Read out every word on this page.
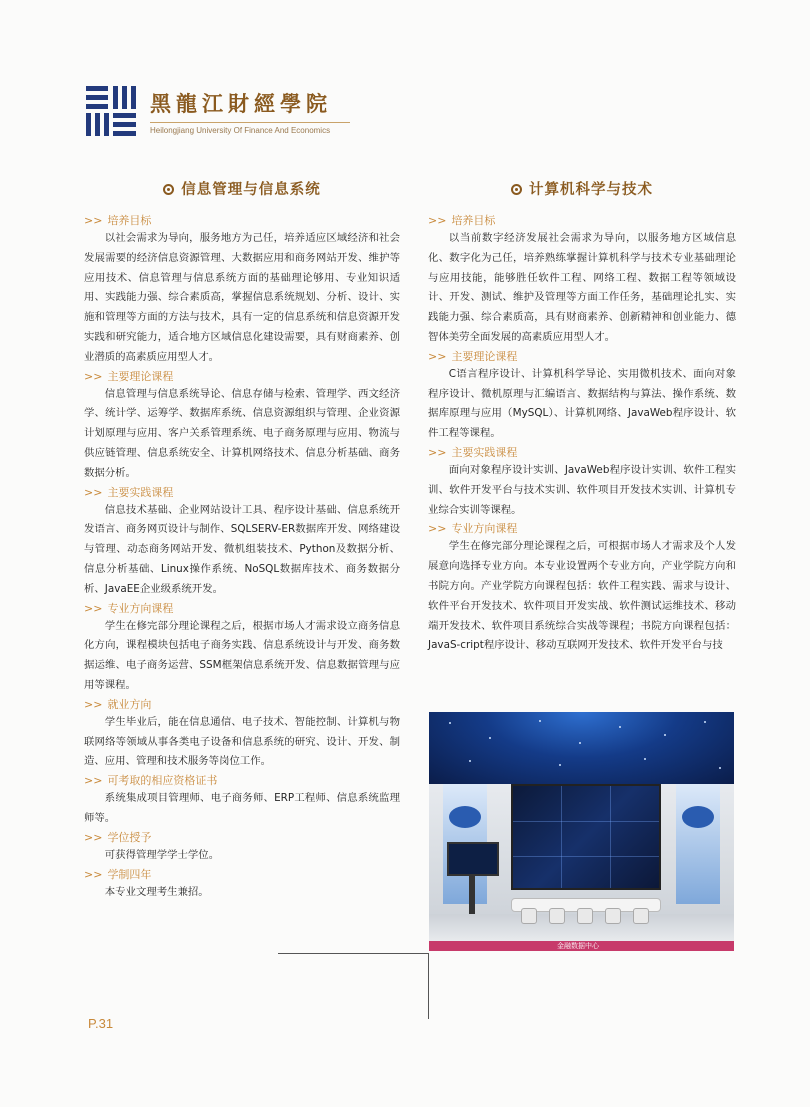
黑龍江財經學院
Heilongjiang University Of Finance And Economics
信息管理与信息系统
>> 培养目标

以社会需求为导向，服务地方为己任，培养适应区域经济和社会发展需要的经济信息资源管理、大数据应用和商务网站开发、维护等应用技术、信息管理与信息系统方面的基础理论够用、专业知识适用、实践能力强、综合素质高，掌握信息系统规划、分析、设计、实施和管理等方面的方法与技术，具有一定的信息系统和信息资源开发实践和研究能力，适合地方区域信息化建设需要，具有财商素养、创业潜质的高素质应用型人才。

>> 主要理论课程

信息管理与信息系统导论、信息存储与检索、管理学、西文经济学、统计学、运筹学、数据库系统、信息资源组织与管理、企业资源计划原理与应用、客户关系管理系统、电子商务原理与应用、物流与供应链管理、信息系统安全、计算机网络技术、信息分析基础、商务数据分析。

>> 主要实践课程

信息技术基础、企业网站设计工具、程序设计基础、信息系统开发语言、商务网页设计与制作、SQLSERV-ER数据库开发、网络建设与管理、动态商务网站开发、微机组装技术、Python及数据分析、信息分析基础、Linux操作系统、NoSQL数据库技术、商务数据分析、JavaEE企业级系统开发。

>> 专业方向课程

学生在修完部分理论课程之后，根据市场人才需求设立商务信息化方向，课程模块包括电子商务实践、信息系统设计与开发、商务数据运维、电子商务运营、SSM框架信息系统开发、信息数据管理与应用等课程。

>> 就业方向

学生毕业后，能在信息通信、电子技术、智能控制、计算机与物联网络等领域从事各类电子设备和信息系统的研究、设计、开发、制造、应用、管理和技术服务等岗位工作。

>> 可考取的相应资格证书

系统集成项目管理师、电子商务师、ERP工程师、信息系统监理师等。

>> 学位授予

可获得管理学学士学位。

>> 学制四年

本专业文理考生兼招。

计算机科学与技术
>> 培养目标

以当前数字经济发展社会需求为导向，以服务地方区域信息化、数字化为己任，培养熟练掌握计算机科学与技术专业基础理论与应用技能，能够胜任软件工程、网络工程、数据工程等领域设计、开发、测试、维护及管理等方面工作任务，基础理论扎实、实践能力强、综合素质高，具有财商素养、创新精神和创业能力、德智体美劳全面发展的高素质应用型人才。

>> 主要理论课程

C语言程序设计、计算机科学导论、实用微机技术、面向对象程序设计、微机原理与汇编语言、数据结构与算法、操作系统、数据库原理与应用（MySQL）、计算机网络、JavaWeb程序设计、软件工程等课程。

>> 主要实践课程

面向对象程序设计实训、JavaWeb程序设计实训、软件工程实训、软件开发平台与技术实训、软件项目开发技术实训、计算机专业综合实训等课程。

>> 专业方向课程

学生在修完部分理论课程之后，可根据市场人才需求及个人发展意向选择专业方向。本专业设置两个专业方向，产业学院方向和书院方向。产业学院方向课程包括：软件工程实践、需求与设计、软件平台开发技术、软件项目开发实战、软件测试运维技术、移动端开发技术、软件项目系统综合实战等课程；书院方向课程包括：JavaS-cript程序设计、移动互联网开发技术、软件开发平台与技

金融数据中心
P.31
